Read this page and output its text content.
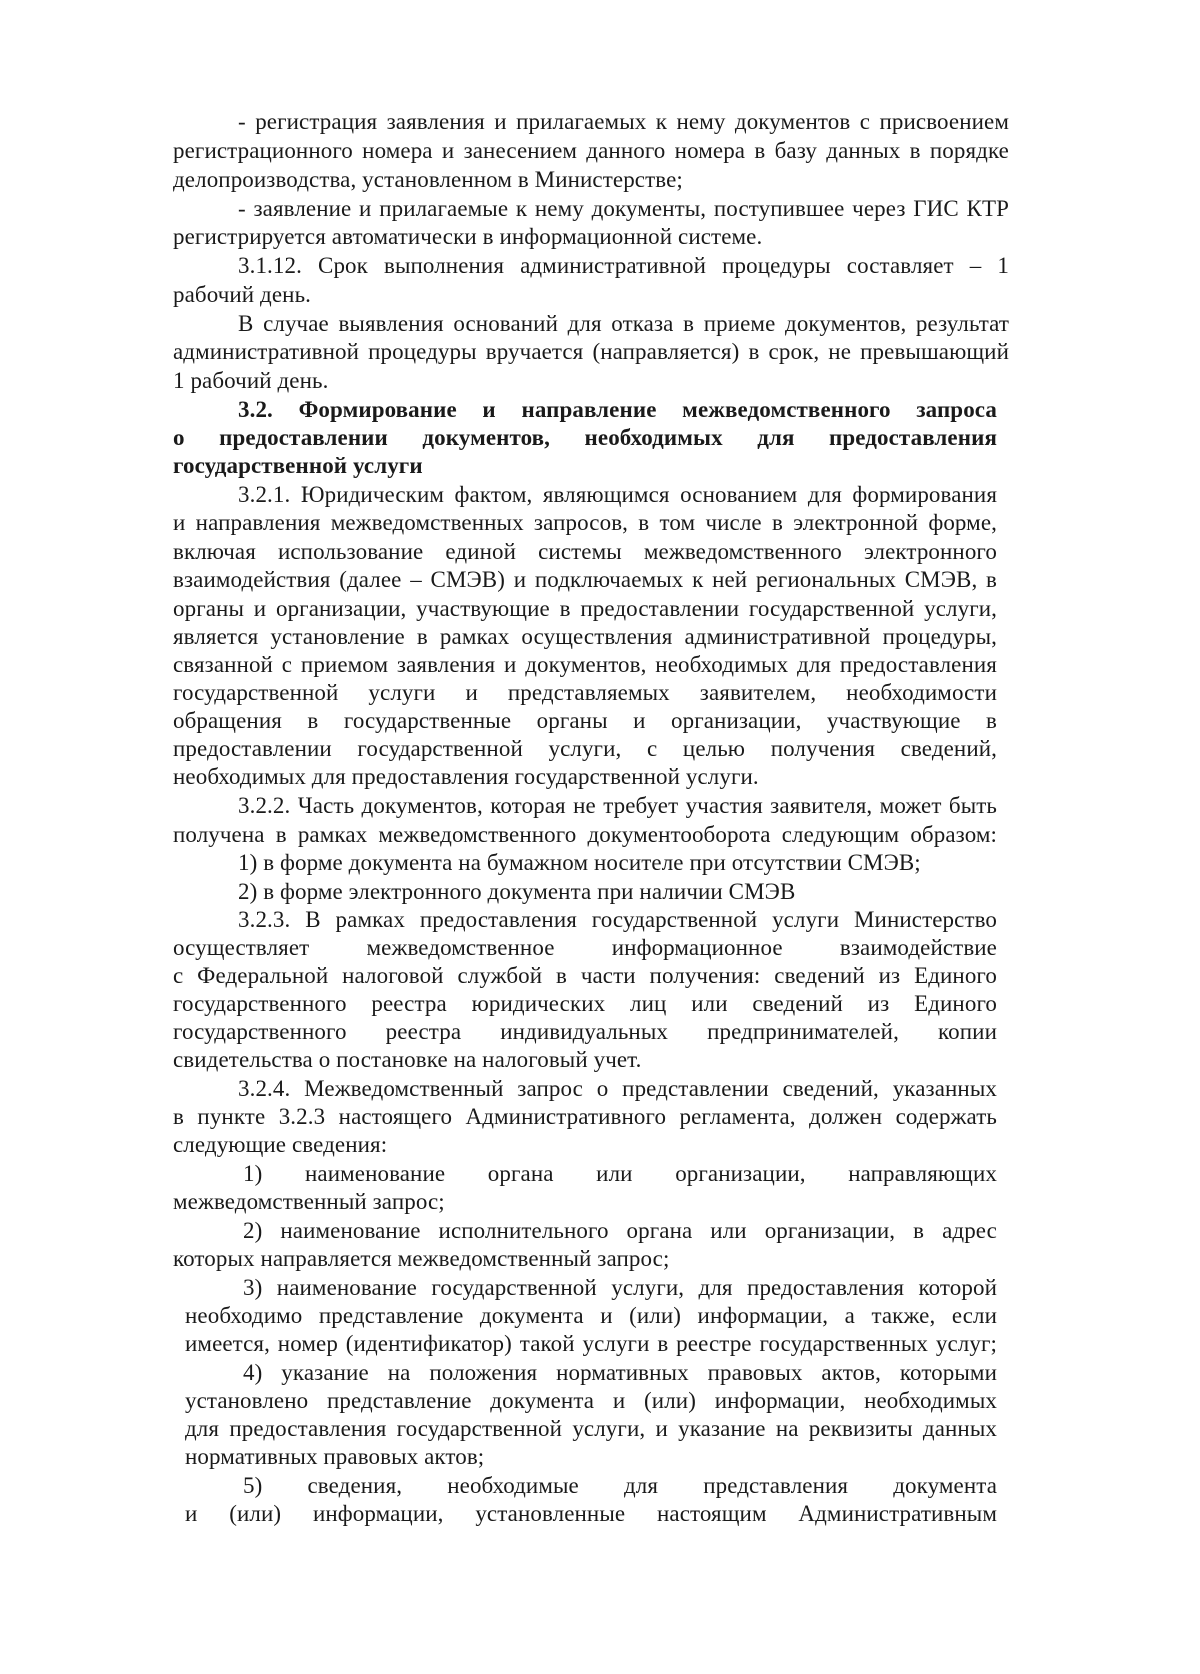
- регистрация заявления и прилагаемых к нему документов с присвоением
регистрационного номера и занесением данного номера в базу данных в порядке
делопроизводства, установленном в Министерстве;
- заявление и прилагаемые к нему документы, поступившее через ГИС КТР
регистрируется автоматически в информационной системе.
3.1.12. Срок выполнения административной процедуры составляет – 1
рабочий день.
В случае выявления оснований для отказа в приеме документов, результат
административной процедуры вручается (направляется) в срок, не превышающий
1 рабочий день.
3.2. Формирование и направление межведомственного запроса
о предоставлении документов, необходимых для предоставления
государственной услуги
3.2.1. Юридическим фактом, являющимся основанием для формирования
и направления межведомственных запросов, в том числе в электронной форме,
включая использование единой системы межведомственного электронного
взаимодействия (далее – СМЭВ) и подключаемых к ней региональных СМЭВ, в
органы и организации, участвующие в предоставлении государственной услуги,
является установление в рамках осуществления административной процедуры,
связанной с приемом заявления и документов, необходимых для предоставления
государственной услуги и представляемых заявителем, необходимости
обращения в государственные органы и организации, участвующие в
предоставлении государственной услуги, с целью получения сведений,
необходимых для предоставления государственной услуги.
3.2.2. Часть документов, которая не требует участия заявителя, может быть
получена в рамках межведомственного документооборота следующим образом:
1) в форме документа на бумажном носителе при отсутствии СМЭВ;
2) в форме электронного документа при наличии СМЭВ
3.2.3. В рамках предоставления государственной услуги Министерство
осуществляет межведомственное информационное взаимодействие
с Федеральной налоговой службой в части получения: сведений из Единого
государственного реестра юридических лиц или сведений из Единого
государственного реестра индивидуальных предпринимателей, копии
свидетельства о постановке на налоговый учет.
3.2.4. Межведомственный запрос о представлении сведений, указанных
в пункте 3.2.3 настоящего Административного регламента, должен содержать
следующие сведения:
1) наименование органа или организации, направляющих
межведомственный запрос;
2) наименование исполнительного органа или организации, в адрес
которых направляется межведомственный запрос;
3) наименование государственной услуги, для предоставления которой
необходимо представление документа и (или) информации, а также, если
имеется, номер (идентификатор) такой услуги в реестре государственных услуг;
4) указание на положения нормативных правовых актов, которыми
установлено представление документа и (или) информации, необходимых
для предоставления государственной услуги, и указание на реквизиты данных
нормативных правовых актов;
5) сведения, необходимые для представления документа
и (или) информации, установленные настоящим Административным
